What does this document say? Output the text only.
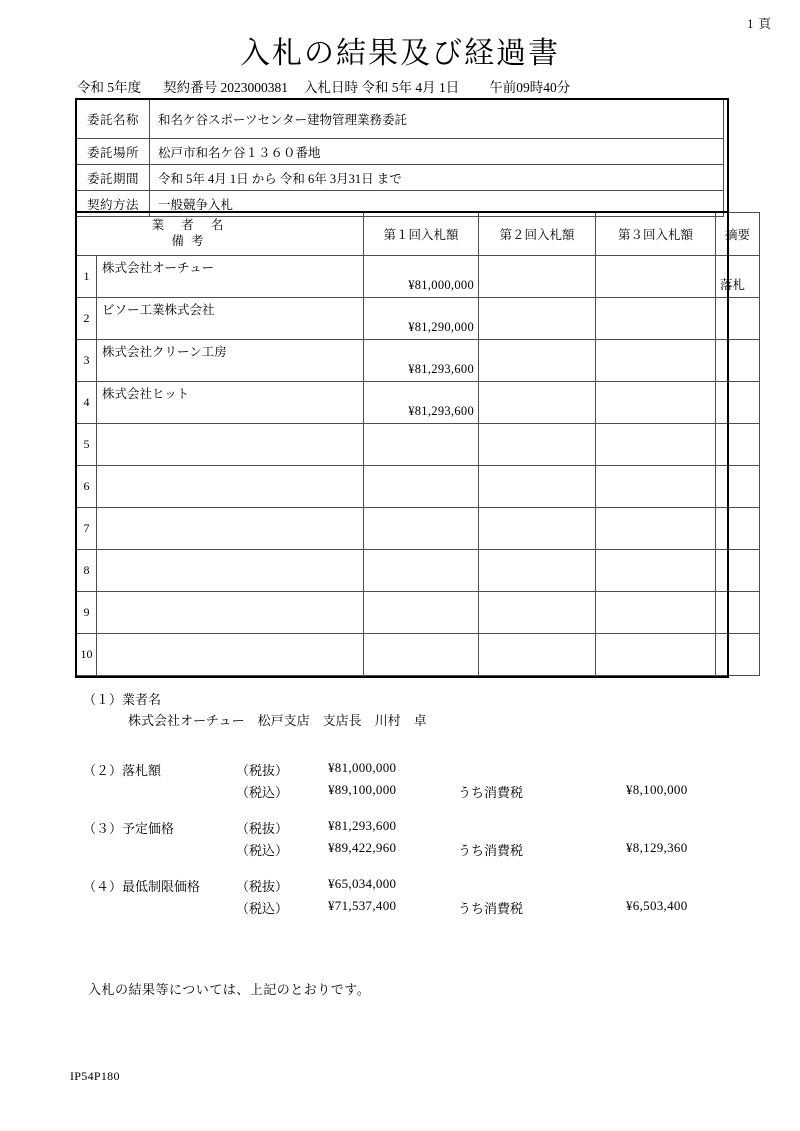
1 頁
入札の結果及び経過書
令和 5年度 契約番号 2023000381 入札日時 令和 5年 4月 1日 午前09時40分
委託名称	和名ケ谷スポーツセンター建物管理業務委託
委託場所	松戸市和名ケ谷１３６０番地
委託期間	令和 5年 4月 1日 から 令和 6年 3月31日 まで
契約方法	一般競争入札
業 者 名
備考		第１回入札額	第２回入札額	第３回入札額	摘要
1	株式会社オーチュー	¥81,000,000			落札

2	ビソー工業株式会社	¥81,290,000			

3	株式会社クリーン工房	¥81,293,600			

4	株式会社ヒット	¥81,293,600			

5	

6	

7	

8	

9	

10	

（１）業者名
株式会社オーチュー　松戸支店　支店長　川村　卓
（２）落札額	（税抜）	¥81,000,000
（税込）	¥89,100,000	うち消費税	¥8,100,000
（３）予定価格	（税抜）	¥81,293,600
（税込）	¥89,422,960	うち消費税	¥8,129,360
（４）最低制限価格	（税抜）	¥65,034,000
（税込）	¥71,537,400	うち消費税	¥6,503,400
入札の結果等については、上記のとおりです。
IP54P180
